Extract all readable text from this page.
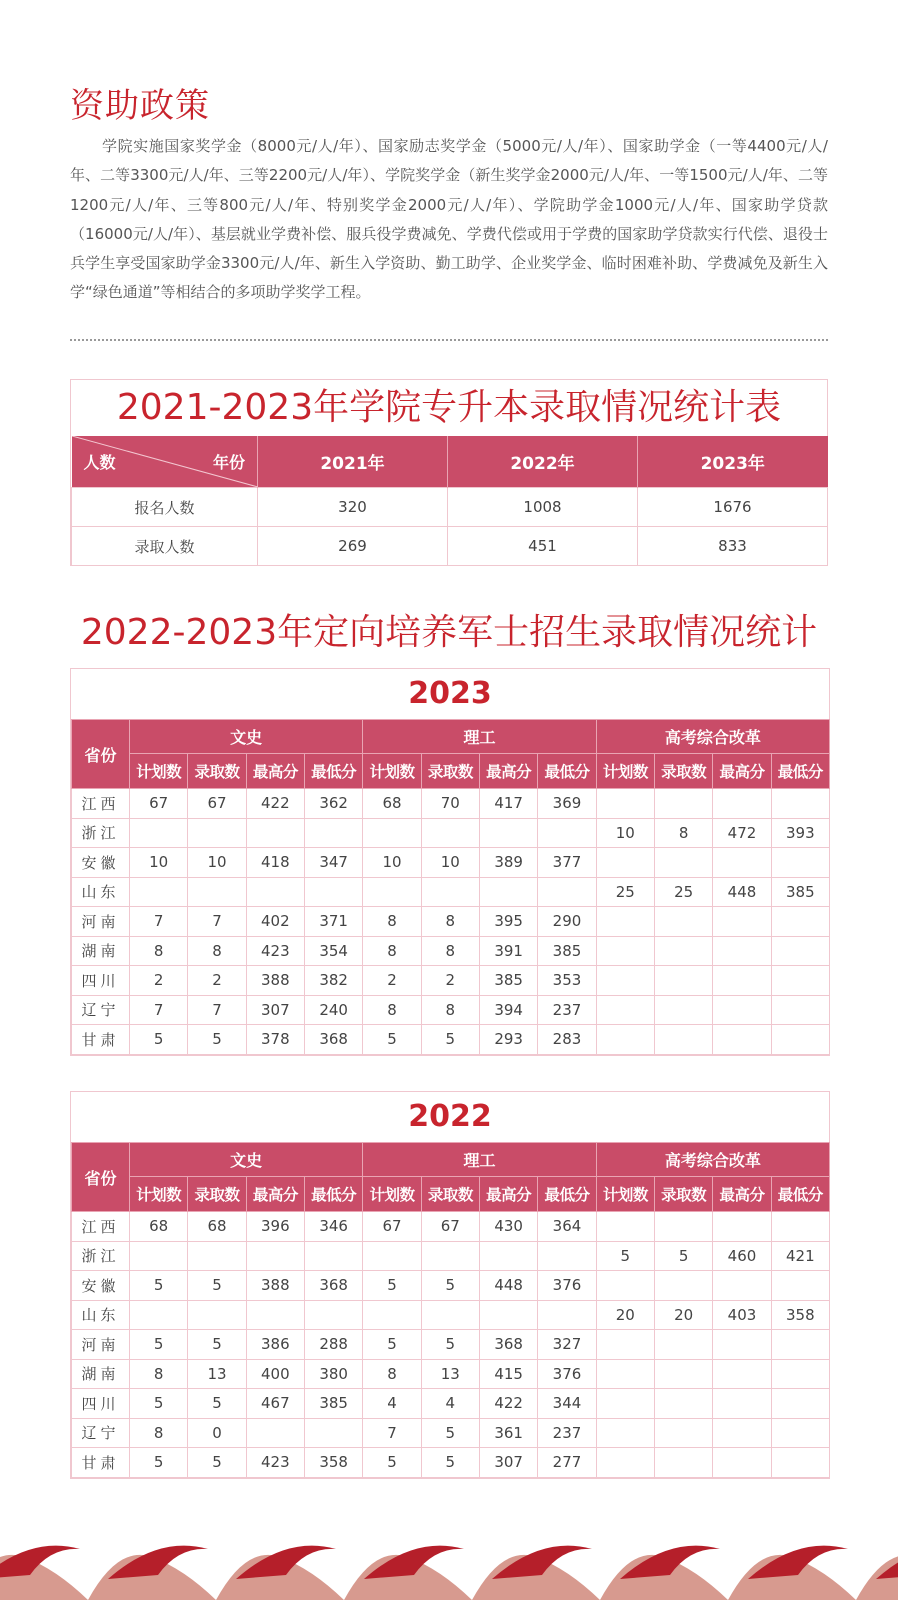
资助政策

学院实施国家奖学金（8000元/人/年）、国家励志奖学金（5000元/人/年）、国家助学金（一等4400元/人/年、二等3300元/人/年、三等2200元/人/年）、学院奖学金（新生奖学金2000元/人/年、一等1500元/人/年、二等1200元/人/年、三等800元/人/年、特别奖学金2000元/人/年）、学院助学金1000元/人/年、国家助学贷款（16000元/人/年）、基层就业学费补偿、服兵役学费减免、学费代偿或用于学费的国家助学贷款实行代偿、退役士兵学生享受国家助学金3300元/人/年、新生入学资助、勤工助学、企业奖学金、临时困难补助、学费减免及新生入学“绿色通道”等相结合的多项助学奖学工程。

2021-2023年学院专升本录取情况统计表
人数 年份	2021年	2022年	2023年
报名人数	320	1008	1676
录取人数	269	451	833
2022-2023年定向培养军士招生录取情况统计
2023
省份	文史				理工				高考综合改革			
	计划数	录取数	最高分	最低分	计划数	录取数	最高分	最低分	计划数	录取数	最高分	最低分
江西	67	67	422	362	68	70	417	369				
浙江									10	8	472	393
安徽	10	10	418	347	10	10	389	377				
山东									25	25	448	385
河南	7	7	402	371	8	8	395	290				
湖南	8	8	423	354	8	8	391	385				
四川	2	2	388	382	2	2	385	353				
辽宁	7	7	307	240	8	8	394	237				
甘肃	5	5	378	368	5	5	293	283				
2022
省份	文史				理工				高考综合改革			
	计划数	录取数	最高分	最低分	计划数	录取数	最高分	最低分	计划数	录取数	最高分	最低分
江西	68	68	396	346	67	67	430	364				
浙江									5	5	460	421
安徽	5	5	388	368	5	5	448	376				
山东									20	20	403	358
河南	5	5	386	288	5	5	368	327				
湖南	8	13	400	380	8	13	415	376				
四川	5	5	467	385	4	4	422	344				
辽宁	8	0			7	5	361	237				
甘肃	5	5	423	358	5	5	307	277				
